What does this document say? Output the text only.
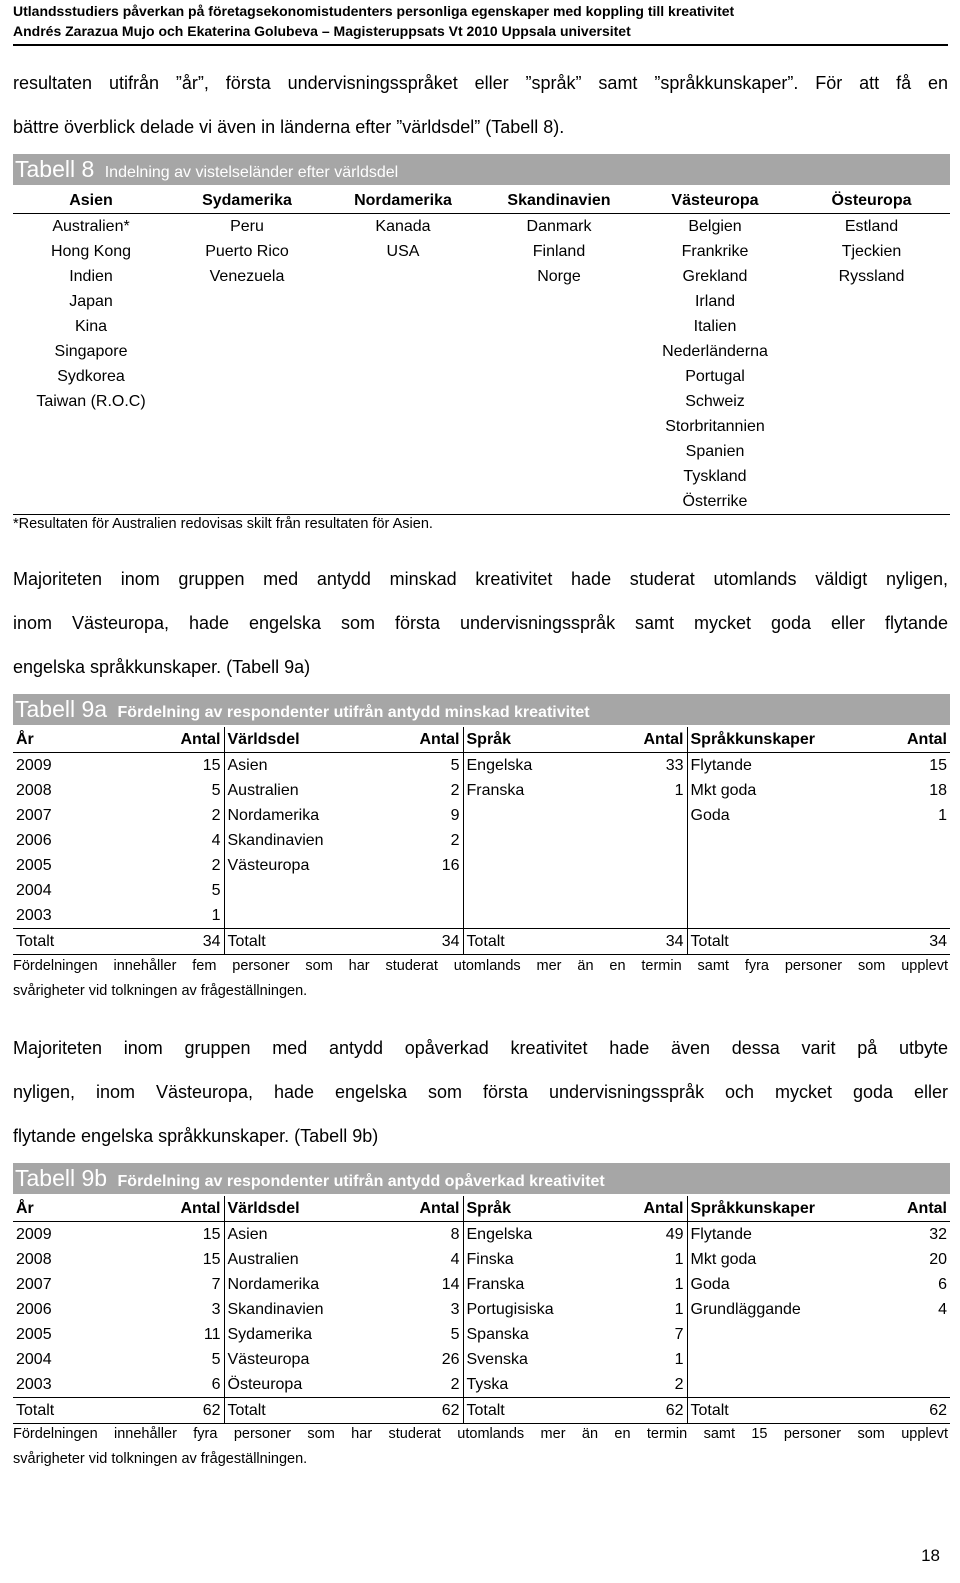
Utlandsstudiers påverkan på företagsekonomistudenters personliga egenskaper med koppling till kreativitet
Andrés Zarazua Mujo och Ekaterina Golubeva – Magisteruppsats Vt 2010 Uppsala universitet
resultaten utifrån ”år”, första undervisningsspråket eller ”språk” samt ”språkkunskaper”. För att få en
bättre överblick delade vi även in länderna efter ”världsdel” (Tabell 8).
Tabell 8 Indelning av vistelseländer efter världsdel
Asien	Sydamerika	Nordamerika	Skandinavien	Västeuropa	Östeuropa
Australien*	Peru	Kanada	Danmark	Belgien	Estland
Hong Kong	Puerto Rico	USA	Finland	Frankrike	Tjeckien
Indien	Venezuela		Norge	Grekland	Ryssland
Japan				Irland	
Kina				Italien	
Singapore				Nederländerna	
Sydkorea				Portugal	
Taiwan (R.O.C)				Schweiz	
				Storbritannien	
				Spanien	
				Tyskland	
				Österrike	
*Resultaten för Australien redovisas skilt från resultaten för Asien.
Majoriteten inom gruppen med antydd minskad kreativitet hade studerat utomlands väldigt nyligen,
inom Västeuropa, hade engelska som första undervisningsspråk samt mycket goda eller flytande
engelska språkkunskaper. (Tabell 9a)
Tabell 9a Fördelning av respondenter utifrån antydd minskad kreativitet
År	Antal	Världsdel	Antal	Språk	Antal	Språkkunskaper	Antal
2009	15	Asien	5	Engelska	33	Flytande	15
2008	5	Australien	2	Franska	1	Mkt goda	18
2007	2	Nordamerika	9			Goda	1
2006	4	Skandinavien	2				
2005	2	Västeuropa	16				
2004	5						
2003	1						
Totalt	34	Totalt	34	Totalt	34	Totalt	34
Fördelningen innehåller fem personer som har studerat utomlands mer än en termin samt fyra personer som upplevt
svårigheter vid tolkningen av frågeställningen.
Majoriteten inom gruppen med antydd opåverkad kreativitet hade även dessa varit på utbyte
nyligen, inom Västeuropa, hade engelska som första undervisningsspråk och mycket goda eller
flytande engelska språkkunskaper. (Tabell 9b)
Tabell 9b Fördelning av respondenter utifrån antydd opåverkad kreativitet
År	Antal	Världsdel	Antal	Språk	Antal	Språkkunskaper	Antal
2009	15	Asien	8	Engelska	49	Flytande	32
2008	15	Australien	4	Finska	1	Mkt goda	20
2007	7	Nordamerika	14	Franska	1	Goda	6
2006	3	Skandinavien	3	Portugisiska	1	Grundläggande	4
2005	11	Sydamerika	5	Spanska	7		
2004	5	Västeuropa	26	Svenska	1		
2003	6	Östeuropa	2	Tyska	2		
Totalt	62	Totalt	62	Totalt	62	Totalt	62
Fördelningen innehåller fyra personer som har studerat utomlands mer än en termin samt 15 personer som upplevt
svårigheter vid tolkningen av frågeställningen.
18
